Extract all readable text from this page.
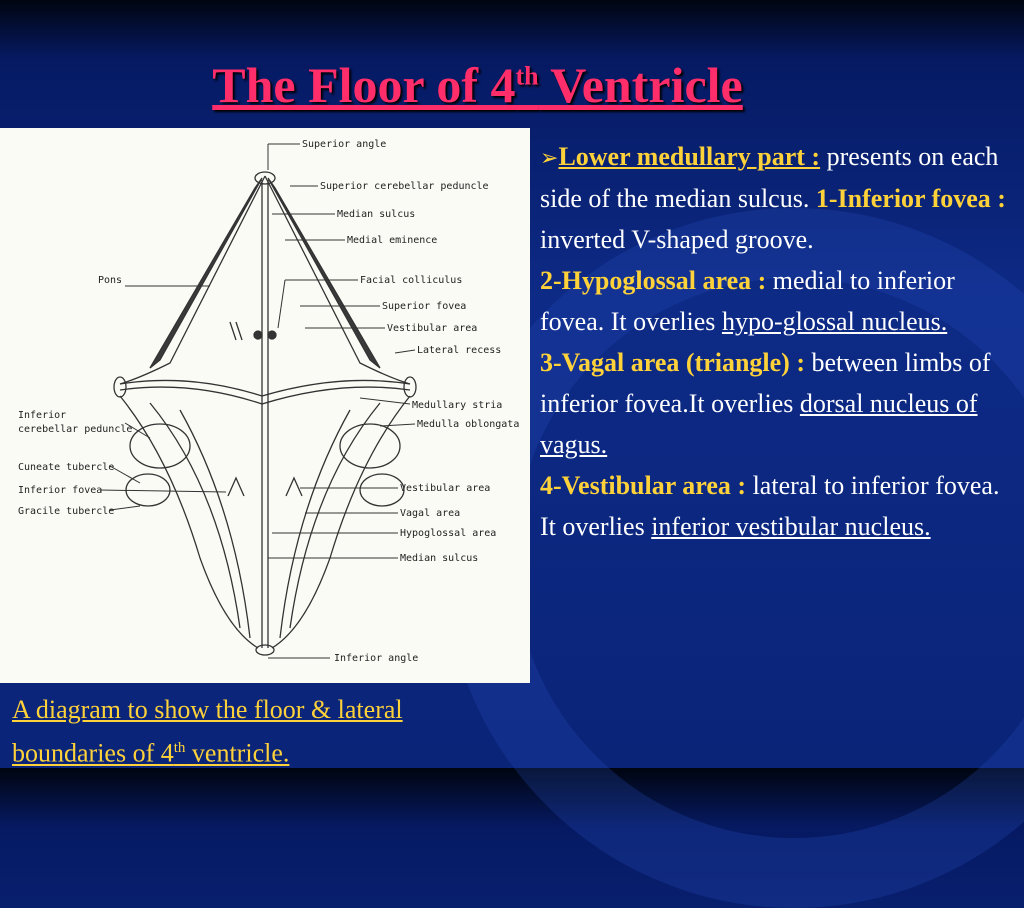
The Floor of 4th Ventricle
Superior angle
Superior cerebellar peduncle
Median sulcus
Medial eminence
Pons	Facial colliculus
Superior fovea
Vestibular area
Lateral recess
Medullary stria
Medulla oblongata
Inferior
cerebellar peduncle
Cuneate tubercle
Inferior fovea
Gracile tubercle
Vestibular area
Vagal area
Hypoglossal area
Median sulcus
Inferior angle
A diagram to show the floor & lateral
boundaries of 4th ventricle.
➢Lower medullary part : presents on each side of the median sulcus. 1-Inferior fovea : inverted V-shaped groove.
2-Hypoglossal area : medial to inferior fovea. It overlies hypo-glossal nucleus.
3-Vagal area (triangle) : between limbs of inferior fovea.It overlies dorsal nucleus of vagus.
4-Vestibular area : lateral to inferior fovea. It overlies inferior vestibular nucleus.
